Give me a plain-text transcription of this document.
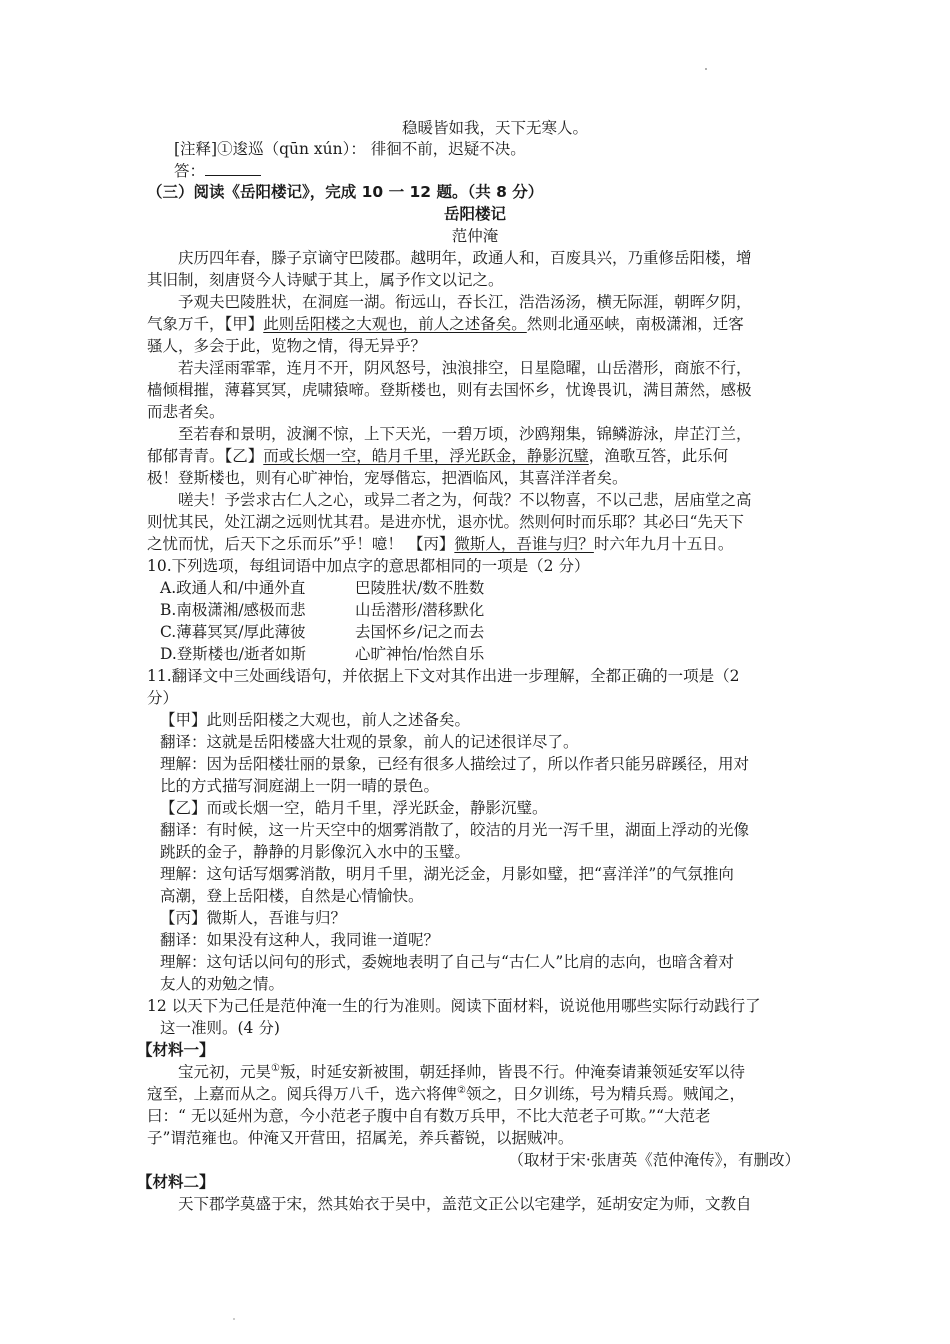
稳暖皆如我，天下无寒人。
[注释]①逡巡（qūn xún）： 徘徊不前，迟疑不决。
答：
（三）阅读《岳阳楼记》，完成 10 一 12 题。（共 8 分）
岳阳楼记
范仲淹
庆历四年春，滕子京谪守巴陵郡。越明年，政通人和，百废具兴，乃重修岳阳楼，增
其旧制，刻唐贤今人诗赋于其上，属予作文以记之。
予观夫巴陵胜状，在洞庭一湖。衔远山，吞长江，浩浩汤汤，横无际涯，朝晖夕阴，
气象万千，【甲】此则岳阳楼之大观也，前人之述备矣。然则北通巫峡，南极潇湘，迁客
骚人，多会于此，览物之情，得无异乎？
若夫淫雨霏霏，连月不开，阴风怒号，浊浪排空，日星隐曜，山岳潜形，商旅不行，
樯倾楫摧，薄暮冥冥，虎啸猿啼。登斯楼也，则有去国怀乡，忧谗畏讥，满目萧然，感极
而悲者矣。
至若春和景明，波澜不惊，上下天光，一碧万顷，沙鸥翔集，锦鳞游泳，岸芷汀兰，
郁郁青青。【乙】而或长烟一空，皓月千里，浮光跃金，静影沉璧，渔歌互答，此乐何
极！登斯楼也，则有心旷神怡，宠辱偕忘，把酒临风，其喜洋洋者矣。
嗟夫！予尝求古仁人之心，或异二者之为，何哉？不以物喜，不以己悲，居庙堂之高
则忧其民，处江湖之远则忧其君。是进亦忧，退亦忧。然则何时而乐耶？其必曰“先天下
之忧而忧，后天下之乐而乐”乎！噫！ 【丙】微斯人，吾谁与归？时六年九月十五日。
10.下列选项，每组词语中加点字的意思都相同的一项是（2 分）
A.政通人和/中通外直	巴陵胜状/数不胜数
B.南极潇湘/感极而悲	山岳潜形/潜移默化
C.薄暮冥冥/厚此薄彼	去国怀乡/记之而去
D.登斯楼也/逝者如斯	心旷神怡/怡然自乐
11.翻译文中三处画线语句，并依据上下文对其作出进一步理解，全都正确的一项是（2
分）
【甲】此则岳阳楼之大观也，前人之述备矣。
翻译：这就是岳阳楼盛大壮观的景象，前人的记述很详尽了。
理解：因为岳阳楼壮丽的景象，已经有很多人描绘过了，所以作者只能另辟蹊径，用对
比的方式描写洞庭湖上一阴一晴的景色。
【乙】而或长烟一空，皓月千里，浮光跃金，静影沉璧。
翻译：有时候，这一片天空中的烟雾消散了，皎洁的月光一泻千里，湖面上浮动的光像
跳跃的金子，静静的月影像沉入水中的玉璧。
理解：这句话写烟雾消散，明月千里，湖光泛金，月影如璧，把“喜洋洋”的气氛推向
高潮，登上岳阳楼，自然是心情愉快。
【丙】微斯人，吾谁与归？
翻译：如果没有这种人，我同谁一道呢？
理解：这句话以问句的形式，委婉地表明了自己与“古仁人”比肩的志向，也暗含着对
友人的劝勉之情。
12 以天下为己任是范仲淹一生的行为准则。阅读下面材料，说说他用哪些实际行动践行了
这一准则。(4 分)
【材料一】
宝元初，元昊①叛，时延安新被围，朝廷择帅，皆畏不行。仲淹奏请兼领延安军以待
寇至，上嘉而从之。阅兵得万八千，选六将俾②领之，日夕训练，号为精兵焉。贼闻之，
曰：“ 无以延州为意，今小范老子腹中自有数万兵甲，不比大范老子可欺。”“大范老
子”谓范雍也。仲淹又开营田，招属羌，养兵蓄锐，以据贼冲。
（取材于宋·张唐英《范仲淹传》，有删改）
【材料二】
天下郡学莫盛于宋，然其始衣于吴中，盖范文正公以宅建学，延胡安定为师，文教自
